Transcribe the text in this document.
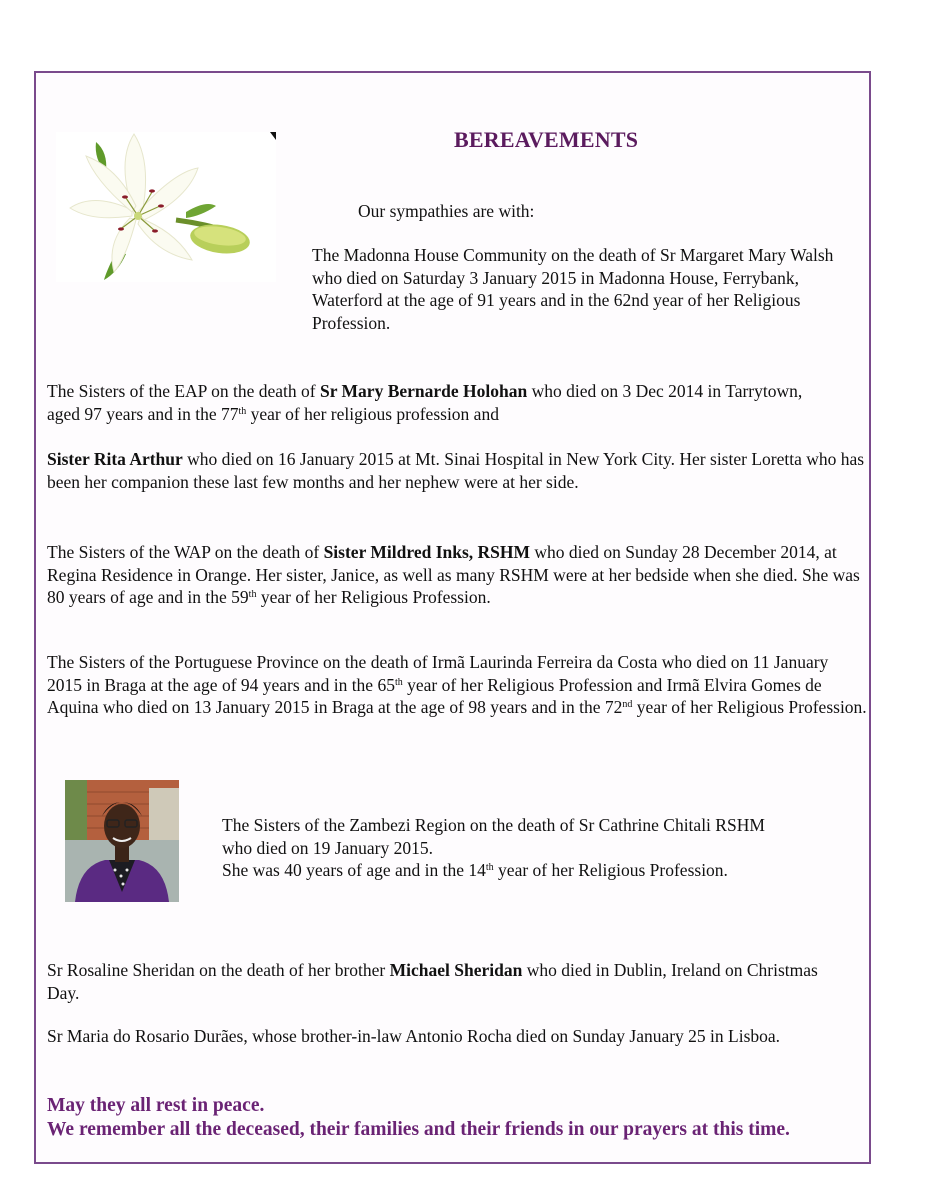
BEREAVEMENTS

Our sympathies are with:

The Madonna House Community on the death of Sr Margaret Mary Walsh who died on Saturday 3 January 2015 in Madonna House, Ferrybank, Waterford at the age of 91 years and in the 62nd year of her Religious Profession.

The Sisters of the EAP on the death of Sr Mary Bernarde Holohan who died on 3 Dec 2014 in Tarrytown, aged 97 years and in the 77th year of her religious profession and

Sister Rita Arthur who died on 16 January 2015 at Mt. Sinai Hospital in New York City. Her sister Loretta who has been her companion these last few months and her nephew were at her side.

The Sisters of the WAP on the death of Sister Mildred Inks, RSHM who died on Sunday 28 December 2014, at Regina Residence in Orange. Her sister, Janice, as well as many RSHM were at her bedside when she died. She was 80 years of age and in the 59th year of her Religious Profession.

The Sisters of the Portuguese Province on the death of Irmã Laurinda Ferreira da Costa who died on 11 January 2015 in Braga at the age of 94 years and in the 65th year of her Religious Profession and Irmã Elvira Gomes de Aquina who died on 13 January 2015 in Braga at the age of 98 years and in the 72nd year of her Religious Profession.

The Sisters of the Zambezi Region on the death of Sr Cathrine Chitali RSHM
who died on 19 January 2015.
She was 40 years of age and in the 14th year of her Religious Profession.

Sr Rosaline Sheridan on the death of her brother Michael Sheridan who died in Dublin, Ireland on Christmas Day.

Sr Maria do Rosario Durães, whose brother-in-law Antonio Rocha died on Sunday January 25 in Lisboa.

May they all rest in peace.

We remember all the deceased, their families and their friends in our prayers at this time.
